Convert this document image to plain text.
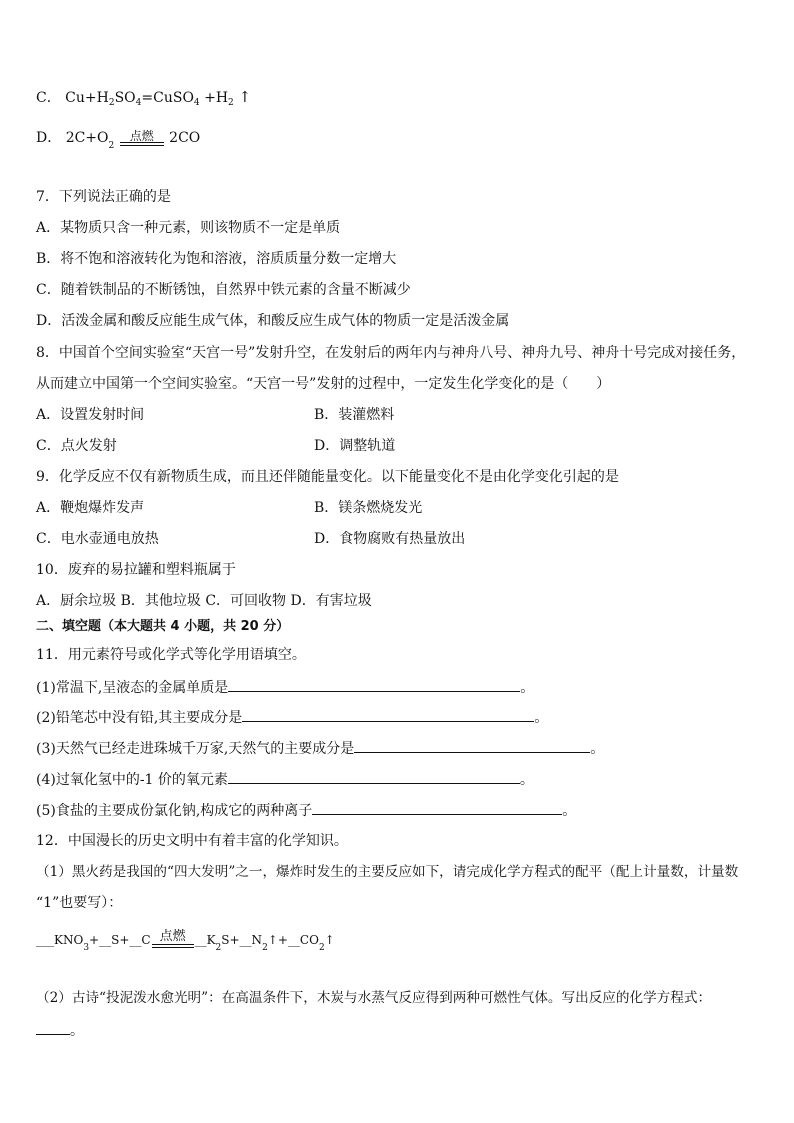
C． $Cu+H_2SO_4=CuSO_4 +H_2$ ↑
D． $2C+O_2$
点燃	2CO
7．下列说法正确的是
A．某物质只含一种元素，则该物质不一定是单质
B．将不饱和溶液转化为饱和溶液，溶质质量分数一定增大
C．随着铁制品的不断锈蚀，自然界中铁元素的含量不断减少
D．活泼金属和酸反应能生成气体，和酸反应生成气体的物质一定是活泼金属
8．中国首个空间实验室“天宫一号”发射升空，在发射后的两年内与神舟八号、神舟九号、神舟十号完成对接任务，
从而建立中国第一个空间实验室。“天宫一号”发射的过程中，一定发生化学变化的是（　　）
A．设置发射时间	B．装灌燃料
C．点火发射	D．调整轨道
9．化学反应不仅有新物质生成，而且还伴随能量变化。以下能量变化不是由化学变化引起的是
A．鞭炮爆炸发声	B．镁条燃烧发光
C．电水壶通电放热	D．食物腐败有热量放出
10．废弃的易拉罐和塑料瓶属于
A．厨余垃圾 B．其他垃圾 C．可回收物 D．有害垃圾
二、填空题（本大题共 4 小题，共 20 分）
11．用元素符号或化学式等化学用语填空。
(1)常温下,呈液态的金属单质是	。
(2)铅笔芯中没有铅,其主要成分是	。
(3)天然气已经走进珠城千万家,天然气的主要成分是	。
(4)过氧化氢中的-1 价的氧元素	。
(5)食盐的主要成份氯化钠,构成它的两种离子	。
12．中国漫长的历史文明中有着丰富的化学知识。
（1）黑火药是我国的“四大发明”之一，爆炸时发生的主要反应如下，请完成化学方程式的配平（配上计量数，计量数
“1”也要写）：
$\_\_\_KNO_3+\_\_S+\_\_C$ 点燃 $\_\_K_2S+\_\_N_2↑+\_\_CO_2↑$
（2）古诗“投泥泼水愈光明”：在高温条件下，木炭与水蒸气反应得到两种可燃性气体。写出反应的化学方程式：
。
